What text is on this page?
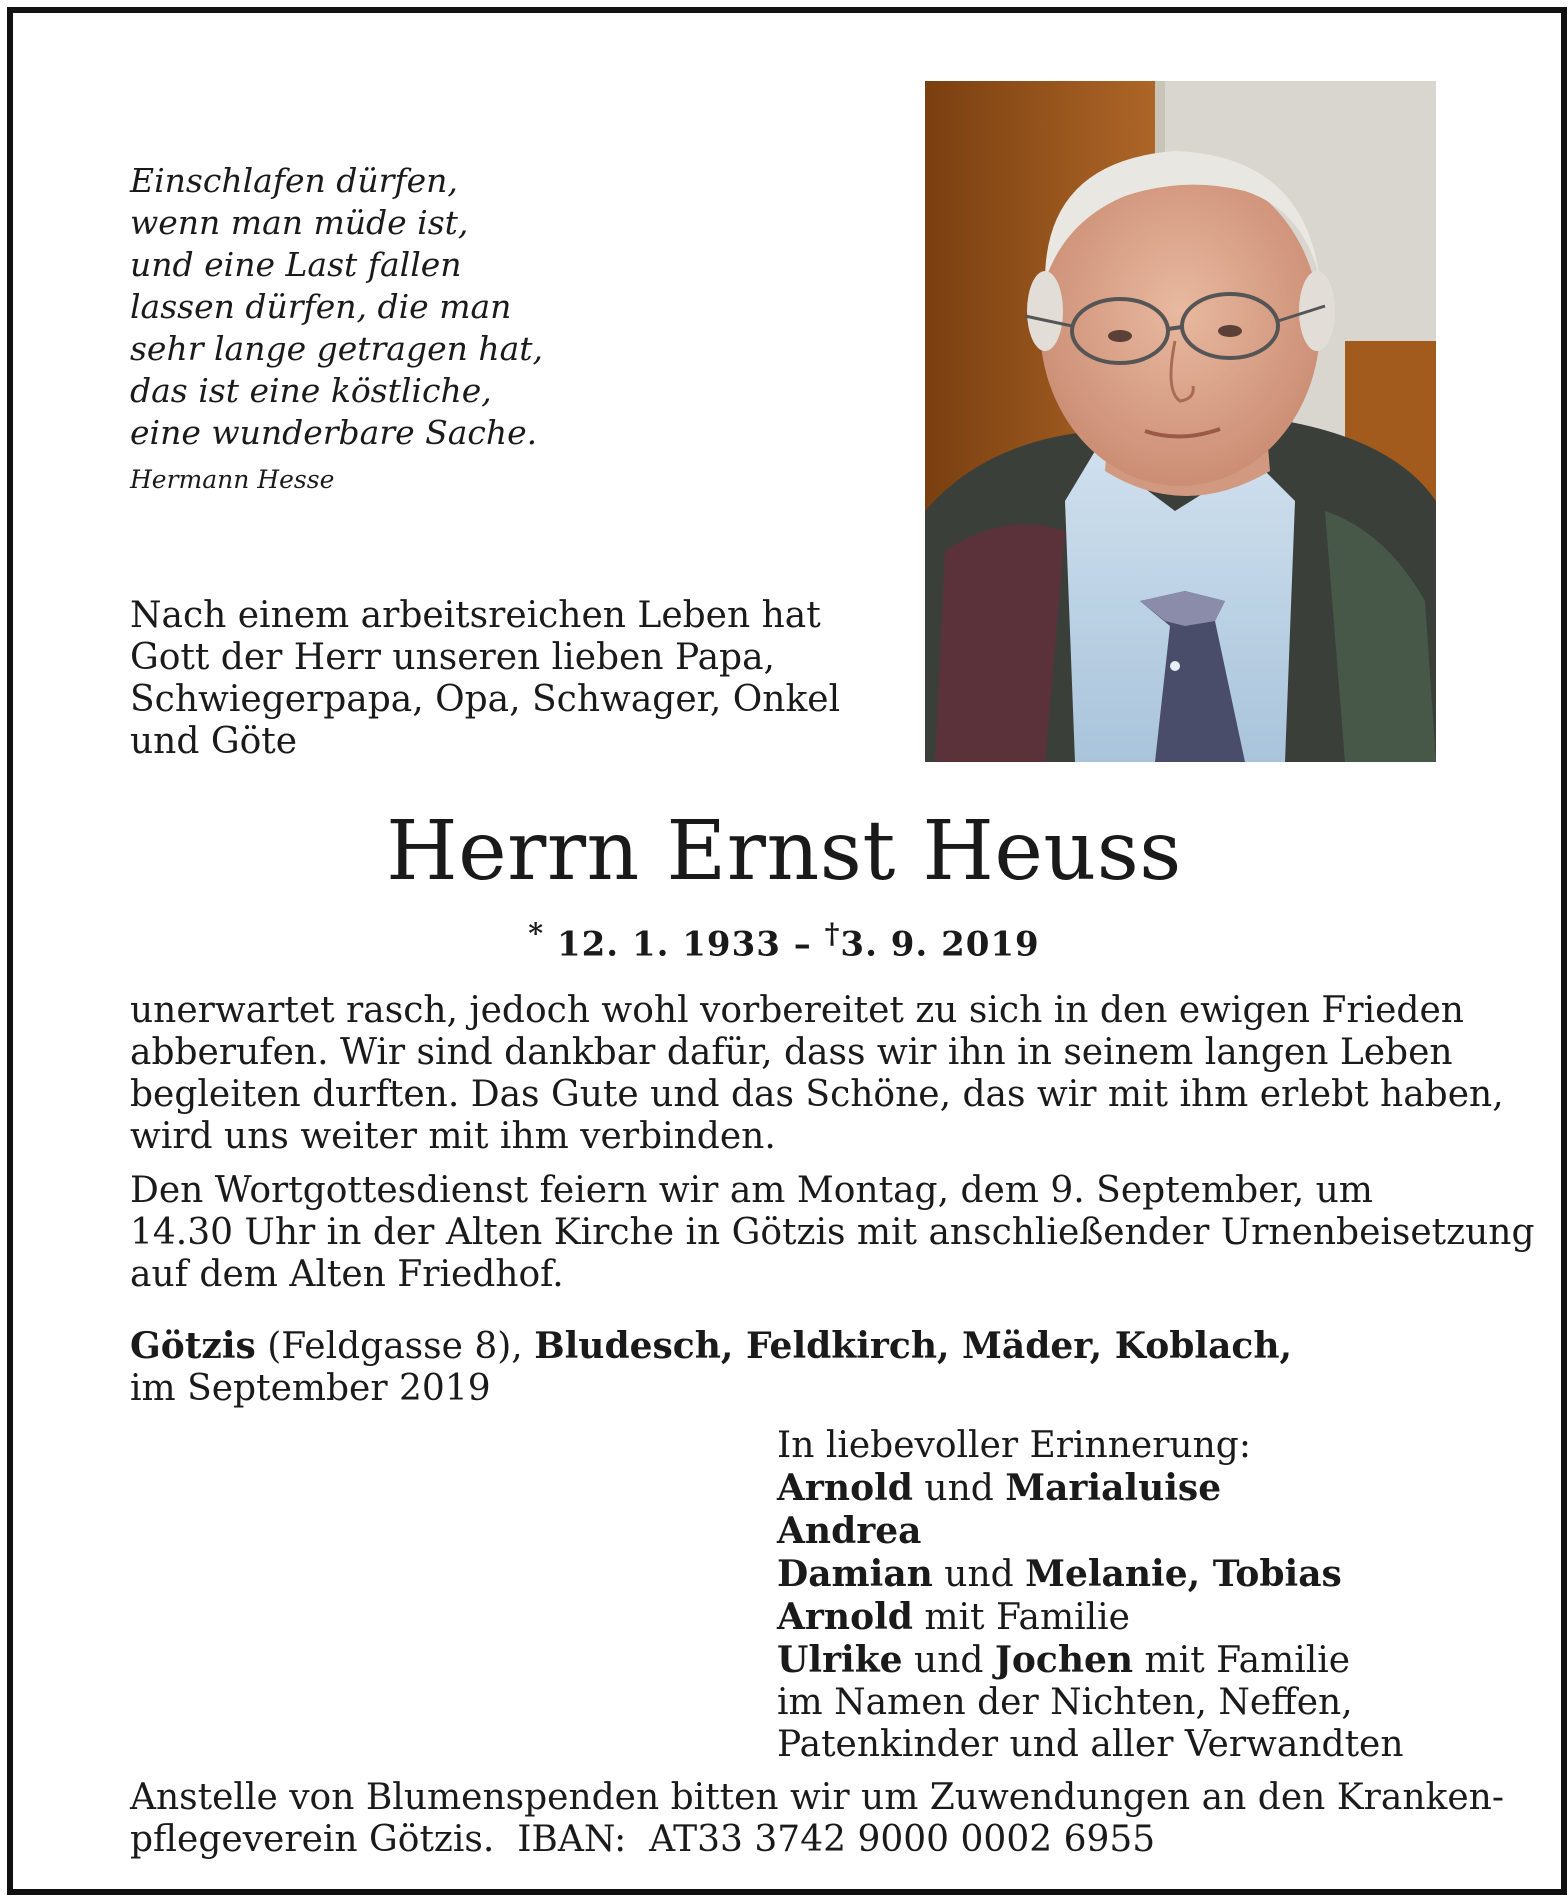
Einschlafen dürfen,
wenn man müde ist,
und eine Last fallen
lassen dürfen, die man
sehr lange getragen hat,
das ist eine köstliche,
eine wunderbare Sache.
Hermann Hesse
Nach einem arbeitsreichen Leben hat
Gott der Herr unseren lieben Papa,
Schwiegerpapa, Opa, Schwager, Onkel
und Göte
Herrn Ernst Heuss
* 12. 1. 1933 – †3. 9. 2019
unerwartet rasch, jedoch wohl vorbereitet zu sich in den ewigen Frieden
abberufen. Wir sind dankbar dafür, dass wir ihn in seinem langen Leben
begleiten durften. Das Gute und das Schöne, das wir mit ihm erlebt haben,
wird uns weiter mit ihm verbinden.
Den Wortgottesdienst feiern wir am Montag, dem 9. September, um
14.30 Uhr in der Alten Kirche in Götzis mit anschließender Urnenbeisetzung
auf dem Alten Friedhof.
Götzis (Feldgasse 8), Bludesch, Feldkirch, Mäder, Koblach,
im September 2019
In liebevoller Erinnerung:
Arnold und Marialuise
Andrea
Damian und Melanie, Tobias
Arnold mit Familie
Ulrike und Jochen mit Familie
im Namen der Nichten, Neffen,
Patenkinder und aller Verwandten
Anstelle von Blumenspenden bitten wir um Zuwendungen an den Kranken-
pflegeverein Götzis.  IBAN:  AT33 3742 9000 0002 6955
